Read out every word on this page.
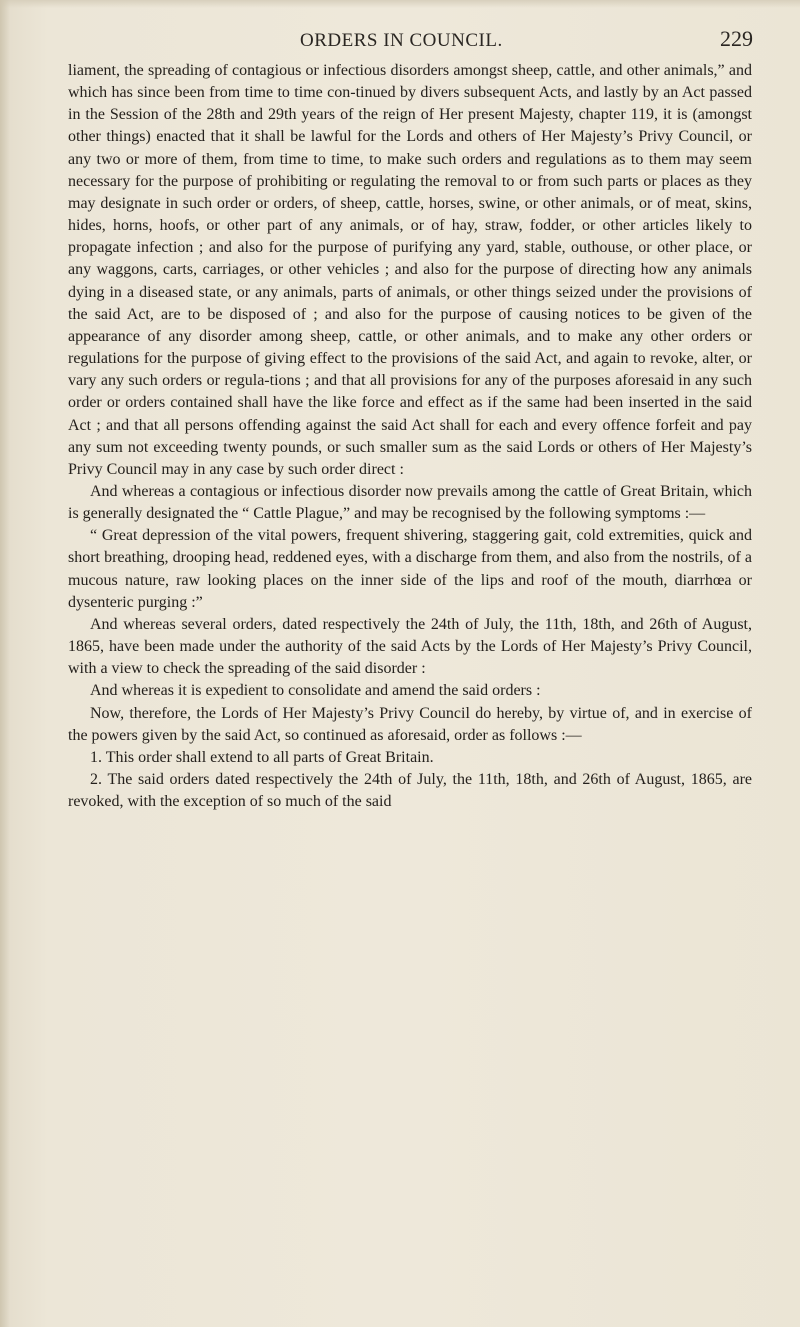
ORDERS IN COUNCIL.	229

liament, the spreading of contagious or infectious disorders amongst sheep, cattle, and other animals,” and which has since been from time to time con-tinued by divers subsequent Acts, and lastly by an Act passed in the Session of the 28th and 29th years of the reign of Her present Majesty, chapter 119, it is (amongst other things) enacted that it shall be lawful for the Lords and others of Her Majesty’s Privy Council, or any two or more of them, from time to time, to make such orders and regulations as to them may seem necessary for the purpose of prohibiting or regulating the removal to or from such parts or places as they may designate in such order or orders, of sheep, cattle, horses, swine, or other animals, or of meat, skins, hides, horns, hoofs, or other part of any animals, or of hay, straw, fodder, or other articles likely to propagate infection ; and also for the purpose of purifying any yard, stable, outhouse, or other place, or any waggons, carts, carriages, or other vehicles ; and also for the purpose of directing how any animals dying in a diseased state, or any animals, parts of animals, or other things seized under the provisions of the said Act, are to be disposed of ; and also for the purpose of causing notices to be given of the appearance of any disorder among sheep, cattle, or other animals, and to make any other orders or regulations for the purpose of giving effect to the provisions of the said Act, and again to revoke, alter, or vary any such orders or regula-tions ; and that all provisions for any of the purposes aforesaid in any such order or orders contained shall have the like force and effect as if the same had been inserted in the said Act ; and that all persons offending against the said Act shall for each and every offence forfeit and pay any sum not exceeding twenty pounds, or such smaller sum as the said Lords or others of Her Majesty’s Privy Council may in any case by such order direct :

And whereas a contagious or infectious disorder now prevails among the cattle of Great Britain, which is generally designated the “ Cattle Plague,” and may be recognised by the following symptoms :—

“ Great depression of the vital powers, frequent shivering, staggering gait, cold extremities, quick and short breathing, drooping head, reddened eyes, with a discharge from them, and also from the nostrils, of a mucous nature, raw looking places on the inner side of the lips and roof of the mouth, diarrhœa or dysenteric purging :”

And whereas several orders, dated respectively the 24th of July, the 11th, 18th, and 26th of August, 1865, have been made under the authority of the said Acts by the Lords of Her Majesty’s Privy Council, with a view to check the spreading of the said disorder :

And whereas it is expedient to consolidate and amend the said orders :

Now, therefore, the Lords of Her Majesty’s Privy Council do hereby, by virtue of, and in exercise of the powers given by the said Act, so continued as aforesaid, order as follows :—

1. This order shall extend to all parts of Great Britain.

2. The said orders dated respectively the 24th of July, the 11th, 18th, and 26th of August, 1865, are revoked, with the exception of so much of the said
